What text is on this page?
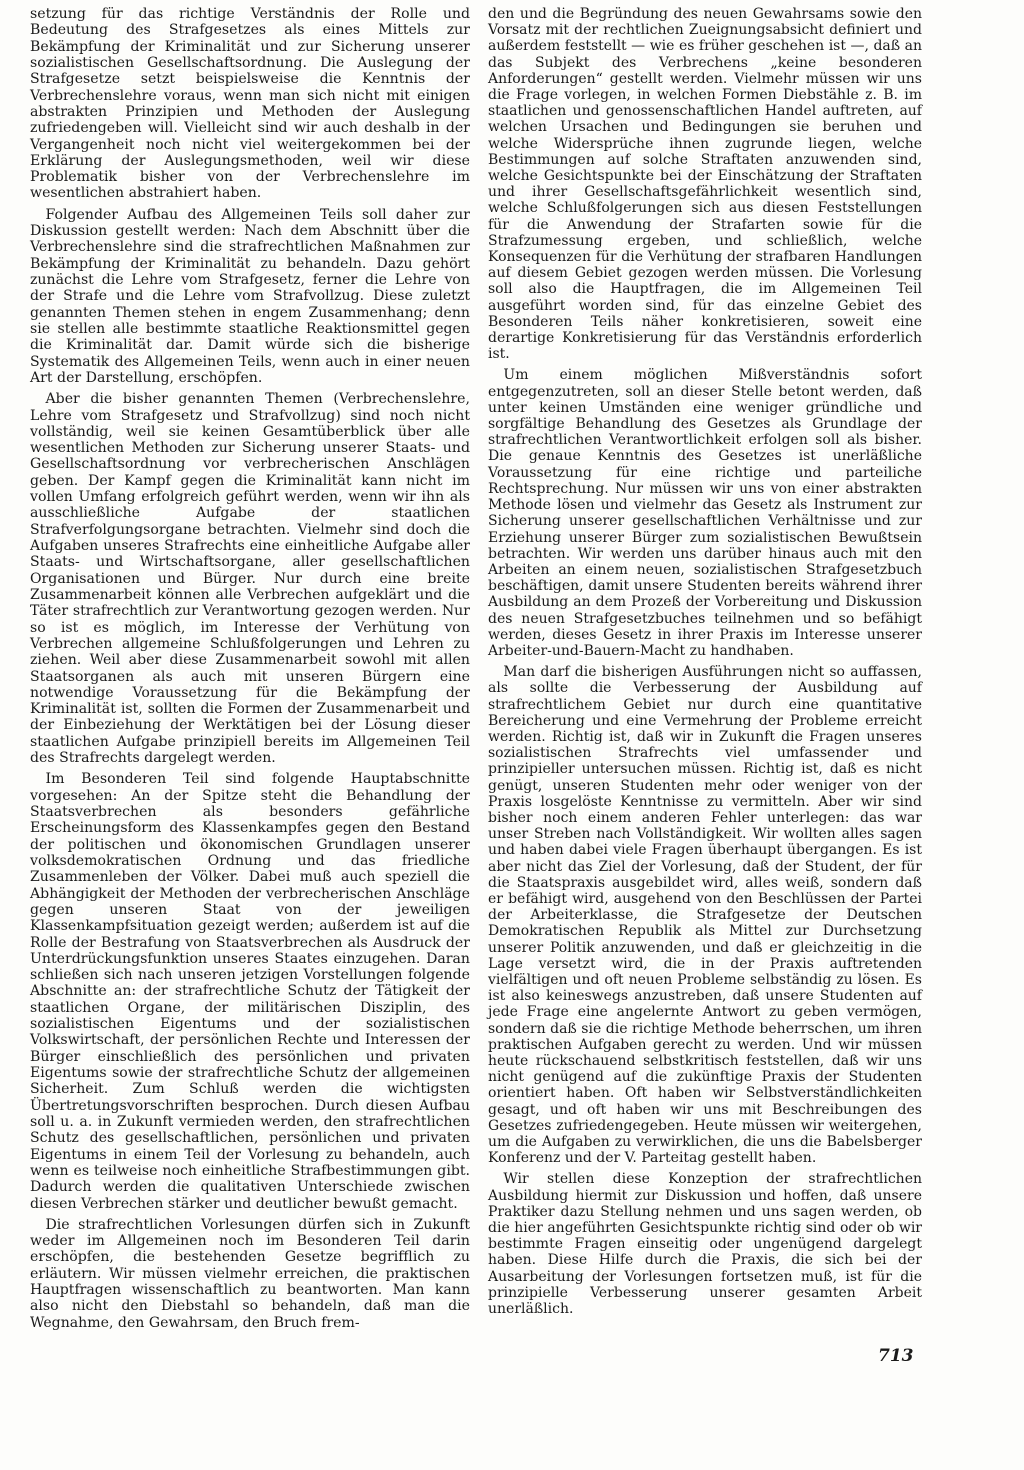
setzung für das richtige Verständnis der Rolle und Bedeutung des Strafgesetzes als eines Mittels zur Bekämpfung der Kriminalität und zur Sicherung unserer sozialistischen Gesellschaftsordnung. Die Auslegung der Strafgesetze setzt beispielsweise die Kenntnis der Verbrechenslehre voraus, wenn man sich nicht mit einigen abstrakten Prinzipien und Methoden der Auslegung zufriedengeben will. Vielleicht sind wir auch deshalb in der Vergangenheit noch nicht viel weitergekommen bei der Erklärung der Auslegungsmethoden, weil wir diese Problematik bisher von der Verbrechenslehre im wesentlichen abstrahiert haben.

Folgender Aufbau des Allgemeinen Teils soll daher zur Diskussion gestellt werden: Nach dem Abschnitt über die Verbrechenslehre sind die strafrechtlichen Maßnahmen zur Bekämpfung der Kriminalität zu behandeln. Dazu gehört zunächst die Lehre vom Strafgesetz, ferner die Lehre von der Strafe und die Lehre vom Strafvollzug. Diese zuletzt genannten Themen stehen in engem Zusammenhang; denn sie stellen alle bestimmte staatliche Reaktionsmittel gegen die Kriminalität dar. Damit würde sich die bisherige Systematik des Allgemeinen Teils, wenn auch in einer neuen Art der Darstellung, erschöpfen.

Aber die bisher genannten Themen (Verbrechenslehre, Lehre vom Strafgesetz und Strafvollzug) sind noch nicht vollständig, weil sie keinen Gesamtüberblick über alle wesentlichen Methoden zur Sicherung unserer Staats- und Gesellschaftsordnung vor verbrecherischen Anschlägen geben. Der Kampf gegen die Kriminalität kann nicht im vollen Umfang erfolgreich geführt werden, wenn wir ihn als ausschließliche Aufgabe der staatlichen Strafverfolgungsorgane betrachten. Vielmehr sind doch die Aufgaben unseres Strafrechts eine einheitliche Aufgabe aller Staats- und Wirtschaftsorgane, aller gesellschaftlichen Organisationen und Bürger. Nur durch eine breite Zusammenarbeit können alle Verbrechen aufgeklärt und die Täter strafrechtlich zur Verantwortung gezogen werden. Nur so ist es möglich, im Interesse der Verhütung von Verbrechen allgemeine Schlußfolgerungen und Lehren zu ziehen. Weil aber diese Zusammenarbeit sowohl mit allen Staatsorganen als auch mit unseren Bürgern eine notwendige Voraussetzung für die Bekämpfung der Kriminalität ist, sollten die Formen der Zusammenarbeit und der Einbeziehung der Werktätigen bei der Lösung dieser staatlichen Aufgabe prinzipiell bereits im Allgemeinen Teil des Strafrechts dargelegt werden.

Im Besonderen Teil sind folgende Hauptabschnitte vorgesehen: An der Spitze steht die Behandlung der Staatsverbrechen als besonders gefährliche Erscheinungsform des Klassenkampfes gegen den Bestand der politischen und ökonomischen Grundlagen unserer volksdemokratischen Ordnung und das friedliche Zusammenleben der Völker. Dabei muß auch speziell die Abhängigkeit der Methoden der verbrecherischen Anschläge gegen unseren Staat von der jeweiligen Klassenkampfsituation gezeigt werden; außerdem ist auf die Rolle der Bestrafung von Staatsverbrechen als Ausdruck der Unterdrückungsfunktion unseres Staates einzugehen. Daran schließen sich nach unseren jetzigen Vorstellungen folgende Abschnitte an: der strafrechtliche Schutz der Tätigkeit der staatlichen Organe, der militärischen Disziplin, des sozialistischen Eigentums und der sozialistischen Volkswirtschaft, der persönlichen Rechte und Interessen der Bürger einschließlich des persönlichen und privaten Eigentums sowie der strafrechtliche Schutz der allgemeinen Sicherheit. Zum Schluß werden die wichtigsten Übertretungsvorschriften besprochen. Durch diesen Aufbau soll u. a. in Zukunft vermieden werden, den strafrechtlichen Schutz des gesellschaftlichen, persönlichen und privaten Eigentums in einem Teil der Vorlesung zu behandeln, auch wenn es teilweise noch einheitliche Strafbestimmungen gibt. Dadurch werden die qualitativen Unterschiede zwischen diesen Verbrechen stärker und deutlicher bewußt gemacht.

Die strafrechtlichen Vorlesungen dürfen sich in Zukunft weder im Allgemeinen noch im Besonderen Teil darin erschöpfen, die bestehenden Gesetze begrifflich zu erläutern. Wir müssen vielmehr erreichen, die praktischen Hauptfragen wissenschaftlich zu beantworten. Man kann also nicht den Diebstahl so behandeln, daß man die Wegnahme, den Gewahrsam, den Bruch frem-

den und die Begründung des neuen Gewahrsams sowie den Vorsatz mit der rechtlichen Zueignungsabsicht definiert und außerdem feststellt — wie es früher geschehen ist —, daß an das Subjekt des Verbrechens „keine besonderen Anforderungen“ gestellt werden. Vielmehr müssen wir uns die Frage vorlegen, in welchen Formen Diebstähle z. B. im staatlichen und genossenschaftlichen Handel auftreten, auf welchen Ursachen und Bedingungen sie beruhen und welche Widersprüche ihnen zugrunde liegen, welche Bestimmungen auf solche Straftaten anzuwenden sind, welche Gesichtspunkte bei der Einschätzung der Straftaten und ihrer Gesellschaftsgefährlichkeit wesentlich sind, welche Schlußfolgerungen sich aus diesen Feststellungen für die Anwendung der Strafarten sowie für die Strafzumessung ergeben, und schließlich, welche Konsequenzen für die Verhütung der strafbaren Handlungen auf diesem Gebiet gezogen werden müssen. Die Vorlesung soll also die Hauptfragen, die im Allgemeinen Teil ausgeführt worden sind, für das einzelne Gebiet des Besonderen Teils näher konkretisieren, soweit eine derartige Konkretisierung für das Verständnis erforderlich ist.

Um einem möglichen Mißverständnis sofort entgegenzutreten, soll an dieser Stelle betont werden, daß unter keinen Umständen eine weniger gründliche und sorgfältige Behandlung des Gesetzes als Grundlage der strafrechtlichen Verantwortlichkeit erfolgen soll als bisher. Die genaue Kenntnis des Gesetzes ist unerläßliche Voraussetzung für eine richtige und parteiliche Rechtsprechung. Nur müssen wir uns von einer abstrakten Methode lösen und vielmehr das Gesetz als Instrument zur Sicherung unserer gesellschaftlichen Verhältnisse und zur Erziehung unserer Bürger zum sozialistischen Bewußtsein betrachten. Wir werden uns darüber hinaus auch mit den Arbeiten an einem neuen, sozialistischen Strafgesetzbuch beschäftigen, damit unsere Studenten bereits während ihrer Ausbildung an dem Prozeß der Vorbereitung und Diskussion des neuen Strafgesetzbuches teilnehmen und so befähigt werden, dieses Gesetz in ihrer Praxis im Interesse unserer Arbeiter-und-Bauern-Macht zu handhaben.

Man darf die bisherigen Ausführungen nicht so auffassen, als sollte die Verbesserung der Ausbildung auf strafrechtlichem Gebiet nur durch eine quantitative Bereicherung und eine Vermehrung der Probleme erreicht werden. Richtig ist, daß wir in Zukunft die Fragen unseres sozialistischen Strafrechts viel umfassender und prinzipieller untersuchen müssen. Richtig ist, daß es nicht genügt, unseren Studenten mehr oder weniger von der Praxis losgelöste Kenntnisse zu vermitteln. Aber wir sind bisher noch einem anderen Fehler unterlegen: das war unser Streben nach Vollständigkeit. Wir wollten alles sagen und haben dabei viele Fragen überhaupt übergangen. Es ist aber nicht das Ziel der Vorlesung, daß der Student, der für die Staatspraxis ausgebildet wird, alles weiß, sondern daß er befähigt wird, ausgehend von den Beschlüssen der Partei der Arbeiterklasse, die Strafgesetze der Deutschen Demokratischen Republik als Mittel zur Durchsetzung unserer Politik anzuwenden, und daß er gleichzeitig in die Lage versetzt wird, die in der Praxis auftretenden vielfältigen und oft neuen Probleme selbständig zu lösen. Es ist also keineswegs anzustreben, daß unsere Studenten auf jede Frage eine angelernte Antwort zu geben vermögen, sondern daß sie die richtige Methode beherrschen, um ihren praktischen Aufgaben gerecht zu werden. Und wir müssen heute rückschauend selbstkritisch feststellen, daß wir uns nicht genügend auf die zukünftige Praxis der Studenten orientiert haben. Oft haben wir Selbstverständlichkeiten gesagt, und oft haben wir uns mit Beschreibungen des Gesetzes zufriedengegeben. Heute müssen wir weitergehen, um die Aufgaben zu verwirklichen, die uns die Babelsberger Konferenz und der V. Parteitag gestellt haben.

Wir stellen diese Konzeption der strafrechtlichen Ausbildung hiermit zur Diskussion und hoffen, daß unsere Praktiker dazu Stellung nehmen und uns sagen werden, ob die hier angeführten Gesichtspunkte richtig sind oder ob wir bestimmte Fragen einseitig oder ungenügend dargelegt haben. Diese Hilfe durch die Praxis, die sich bei der Ausarbeitung der Vorlesungen fortsetzen muß, ist für die prinzipielle Verbesserung unserer gesamten Arbeit unerläßlich.

713
